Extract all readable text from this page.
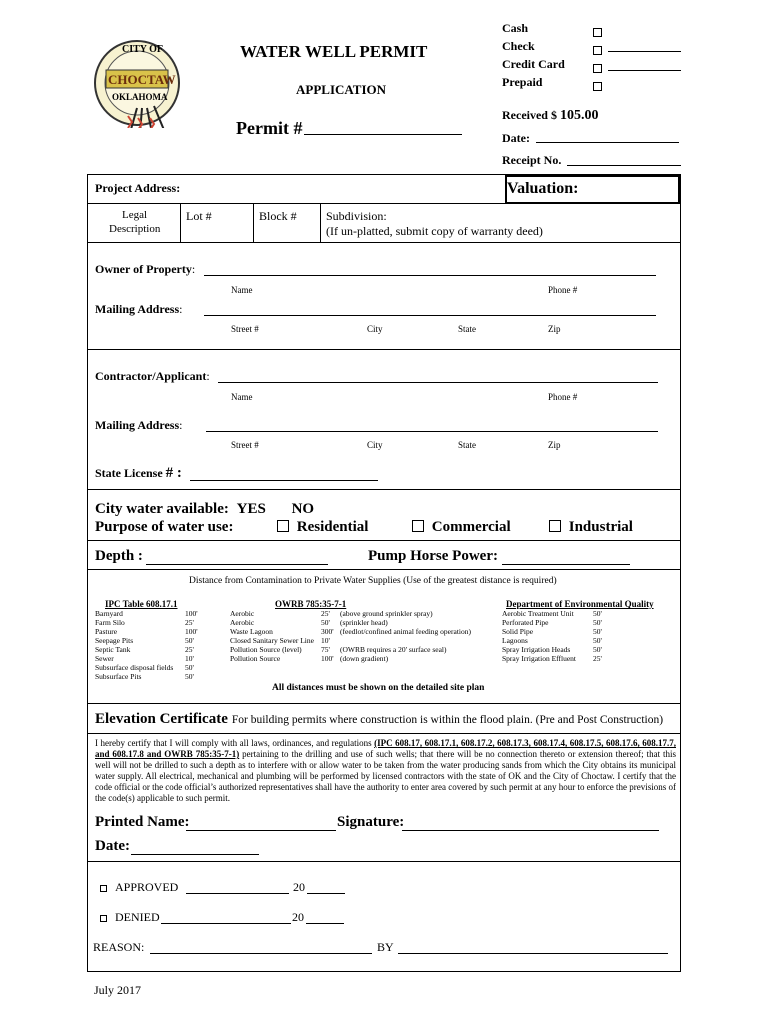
CITY OF
CHOCTAW
OKLAHOMA
WATER WELL PERMIT
APPLICATION
Permit #
Cash
Check
Credit Card
Prepaid
Received $ 105.00
Date:
Receipt No.
Project Address:	Valuation:
Legal
Description
Lot #	Block # Subdivision:
(If un-platted, submit copy of warranty deed)
Owner of Property:
Name	Phone #
Mailing Address:
Street #	City	State	Zip
Contractor/Applicant:
Name	Phone #
Mailing Address:
Street #	City	State	Zip
State License # :
City water available: YES NO
Purpose of water use:	Residential	Commercial	Industrial
Depth :	Pump Horse Power:
Distance from Contamination to Private Water Supplies (Use of the greatest distance is required)
IPC Table 608.17.1
Barnyard	100'
Farm Silo	25'
Pasture	100'
Seepage Pits	50'
Septic Tank	25'
Sewer	10'
Subsurface disposal fields	50'
Subsurface Pits	50'
OWRB 785:35-7-1
Aerobic	25'	(above ground sprinkler spray)
Aerobic	50'	(sprinkler head)
Waste Lagoon	300' (feedlot/confined animal feeding operation)
Closed Sanitary Sewer Line 10'
Pollution Source (level)	75'	(OWRB requires a 20' surface seal)
Pollution Source	100' (down gradient)
Department of Environmental Quality
Aerobic Treatment Unit	50'
Perforated Pipe	50'
Solid Pipe	50'
Lagoons	50'
Spray Irrigation Heads	50'
Spray Irrigation Effluent	25'
All distances must be shown on the detailed site plan
Elevation Certificate For building permits where construction is within the flood plain. (Pre and Post Construction)
I hereby certify that I will comply with all laws, ordinances, and regulations (IPC 608.17, 608.17.1, 608.17.2, 608.17.3, 608.17.4, 608.17.5, 608.17.6, 608.17.7, and 608.17.8 and OWRB 785:35-7-1) pertaining to the drilling and use of such wells; that there will be no connection thereto or extension thereof; that this well will not be drilled to such a depth as to interfere with or allow water to be taken from the water producing sands from which the City obtains its municipal water supply. All electrical, mechanical and plumbing will be performed by licensed contractors with the state of OK and the City of Choctaw. I certify that the code official or the code official’s authorized representatives shall have the authority to enter area covered by such permit at any hour to enforce the previsions of the code(s) applicable to such permit.
Printed Name:	Signature:
Date:
APPROVED	20
DENIED	20
REASON:	BY
July 2017
